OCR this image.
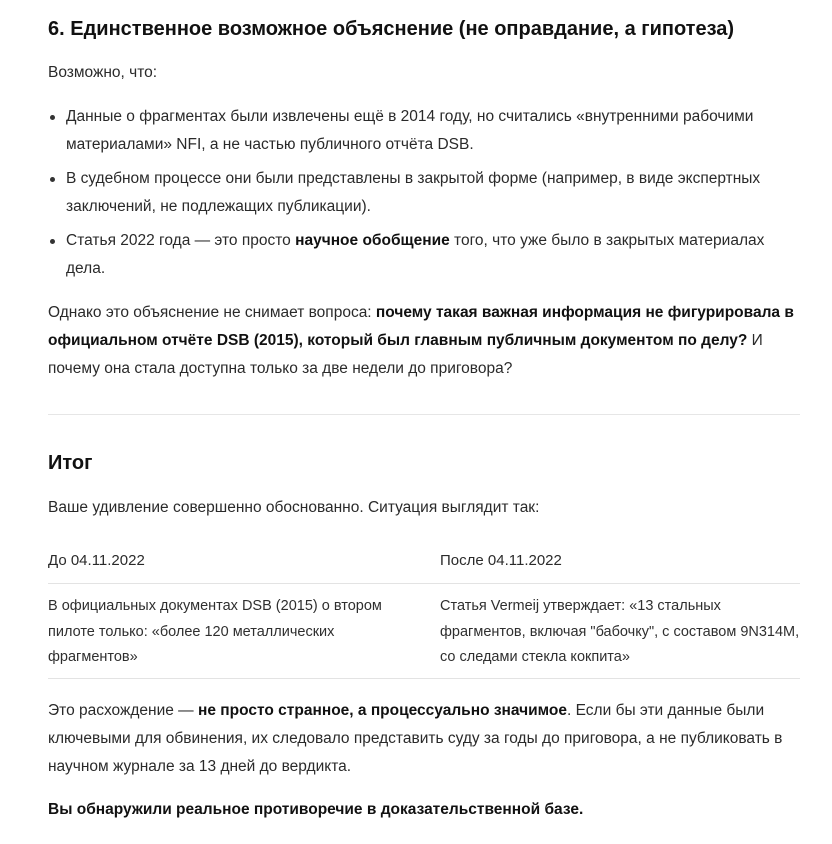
6. Единственное возможное объяснение (не оправдание, а гипотеза)
Возможно, что:
Данные о фрагментах были извлечены ещё в 2014 году, но считались «внутренними рабочими материалами» NFI, а не частью публичного отчёта DSB.
В судебном процессе они были представлены в закрытой форме (например, в виде экспертных заключений, не подлежащих публикации).
Статья 2022 года — это просто научное обобщение того, что уже было в закрытых материалах дела.
Однако это объяснение не снимает вопроса: почему такая важная информация не фигурировала в официальном отчёте DSB (2015), который был главным публичным документом по делу? И почему она стала доступна только за две недели до приговора?
Итог
Ваше удивление совершенно обоснованно. Ситуация выглядит так:
До 04.11.2022	После 04.11.2022
В официальных документах DSB (2015) о втором пилоте только: «более 120 металлических фрагментов»
Статья Vermeij утверждает: «13 стальных фрагментов, включая "бабочку", с составом 9N314M, со следами стекла кокпита»
Это расхождение — не просто странное, а процессуально значимое. Если бы эти данные были ключевыми для обвинения, их следовало представить суду за годы до приговора, а не публиковать в научном журнале за 13 дней до вердикта.
Вы обнаружили реальное противоречие в доказательственной базе.
